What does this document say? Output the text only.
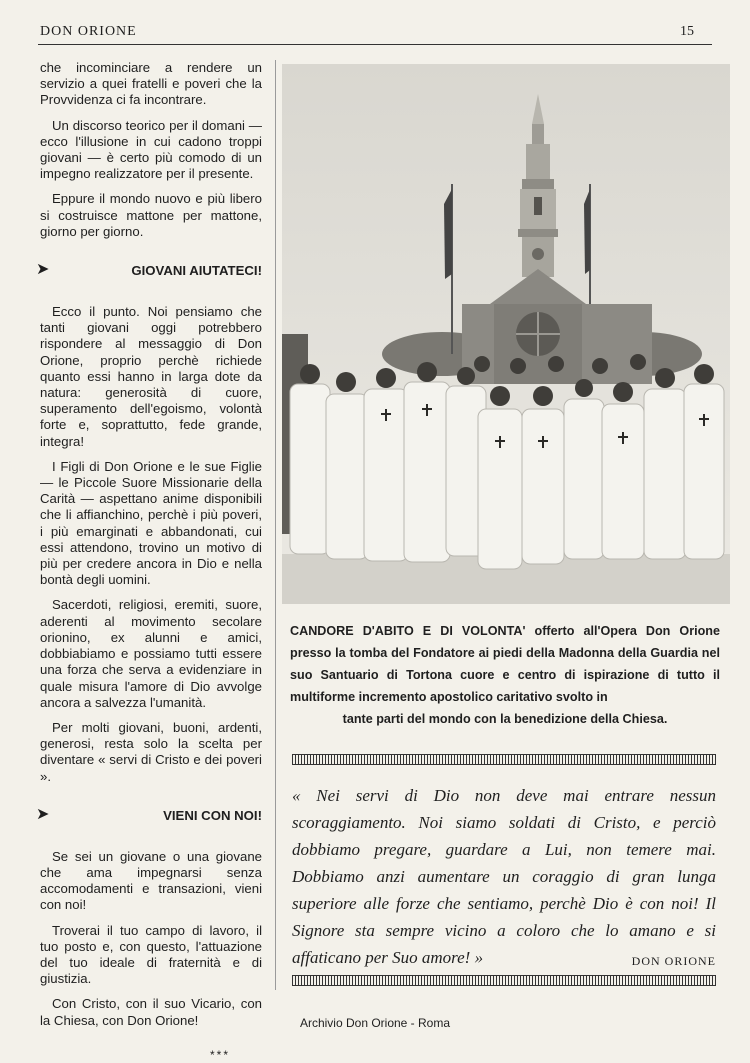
DON ORIONE	15

che incominciare a rendere un servizio a quei fratelli e poveri che la Provvidenza ci fa incontrare.

Un discorso teorico per il domani — ecco l'illusione in cui cadono troppi giovani — è certo più comodo di un impegno realizzatore per il presente.

Eppure il mondo nuovo e più libero si costruisce mattone per mattone, giorno per giorno.

➤	GIOVANI AIUTATECI!

Ecco il punto. Noi pensiamo che tanti giovani oggi potrebbero rispondere al messaggio di Don Orione, proprio perchè richiede quanto essi hanno in larga dote da natura: generosità di cuore, superamento dell'egoismo, volontà forte e, soprattutto, fede grande, integra!

I Figli di Don Orione e le sue Figlie — le Piccole Suore Missionarie della Carità — aspettano anime disponibili che li affianchino, perchè i più poveri, i più emarginati e abbandonati, cui essi attendono, trovino un motivo di più per credere ancora in Dio e nella bontà degli uomini.

Sacerdoti, religiosi, eremiti, suore, aderenti al movimento secolare orionino, ex alunni e amici, dobbiabiamo e possiamo tutti essere una forza che serva a evidenziare in quale misura l'amore di Dio avvolge ancora a salvezza l'umanità.

Per molti giovani, buoni, ardenti, generosi, resta solo la scelta per diventare « servi di Cristo e dei poveri ».

➤	VIENI CON NOI!

Se sei un giovane o una giovane che ama impegnarsi senza accomodamenti e transazioni, vieni con noi!

Troverai il tuo campo di lavoro, il tuo posto e, con questo, l'attuazione del tuo ideale di fraternità e di giustizia.

Con Cristo, con il suo Vicario, con la Chiesa, con Don Orione!

***
CANDORE D'ABITO E DI VOLONTA' offerto all'Opera Don Orione presso la tomba del Fondatore ai piedi della Madonna della Guardia nel suo Santuario di Tortona cuore e centro di ispirazione di tutto il multiforme incremento apostolico caritativo svolto in
tante parti del mondo con la benedizione della Chiesa.
« Nei servi di Dio non deve mai entrare nessun scoraggiamento. Noi siamo soldati di Cristo, e perciò dobbiamo pregare, guardare a Lui, non temere mai. Dobbiamo anzi aumentare un coraggio di gran lunga superiore alle forze che sentiamo, perchè Dio è con noi! Il Signore sta sempre vicino a coloro che lo amano e si affaticano per Suo amore! »	DON ORIONE
Archivio Don Orione - Roma
